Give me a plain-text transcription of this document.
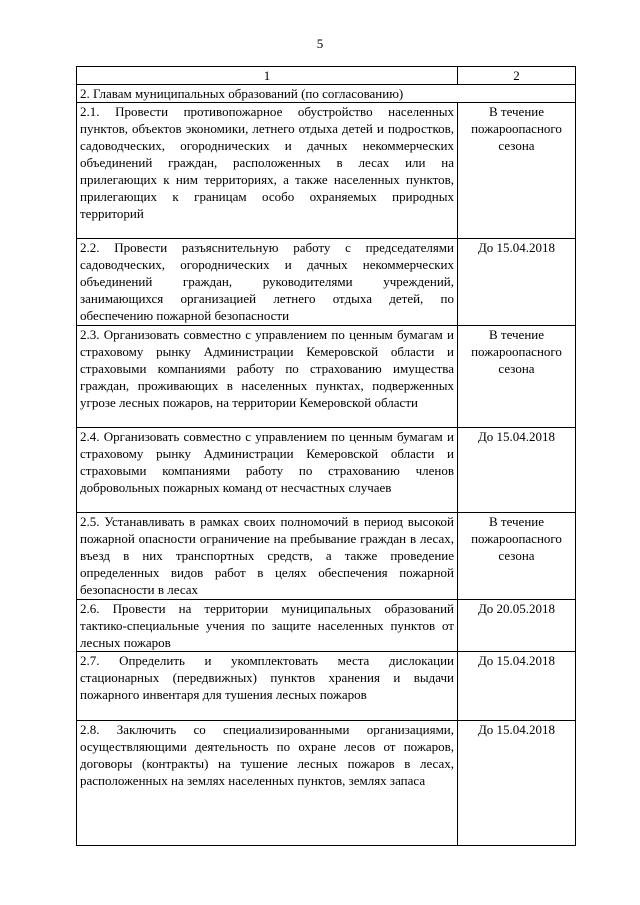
5
1	2
2. Главам муниципальных образований (по согласованию)	
2.1. Провести противопожарное обустройство населенных пунктов, объектов экономики, летнего отдыха детей и подростков, садоводческих, огороднических и дачных некоммерческих объединений граждан, расположенных в лесах или на прилегающих к ним территориях, а также населенных пунктов, прилегающих к границам особо охраняемых природных территорий	В течение пожароопасного сезона
2.2. Провести разъяснительную работу с председателями садоводческих, огороднических и дачных некоммерческих объединений граждан, руководителями учреждений, занимающихся организацией летнего отдыха детей, по обеспечению пожарной безопасности	До 15.04.2018
2.3. Организовать совместно с управлением по ценным бумагам и страховому рынку Администрации Кемеровской области и страховыми компаниями работу по страхованию имущества граждан, проживающих в населенных пунктах, подверженных угрозе лесных пожаров, на территории Кемеровской области	В течение пожароопасного сезона
2.4. Организовать совместно с управлением по ценным бумагам и страховому рынку Администрации Кемеровской области и страховыми компаниями работу по страхованию членов добровольных пожарных команд от несчастных случаев	До 15.04.2018
2.5. Устанавливать в рамках своих полномочий в период высокой пожарной опасности ограничение на пребывание граждан в лесах, въезд в них транспортных средств, а также проведение определенных видов работ в целях обеспечения пожарной безопасности в лесах	В течение пожароопасного сезона
2.6. Провести на территории муниципальных образований тактико-специальные учения по защите населенных пунктов от лесных пожаров	До 20.05.2018
2.7. Определить и укомплектовать места дислокации стационарных (передвижных) пунктов хранения и выдачи пожарного инвентаря для тушения лесных пожаров	До 15.04.2018
2.8. Заключить со специализированными организациями, осуществляющими деятельность по охране лесов от пожаров, договоры (контракты) на тушение лесных пожаров в лесах, расположенных на землях населенных пунктов, землях запаса	До 15.04.2018
